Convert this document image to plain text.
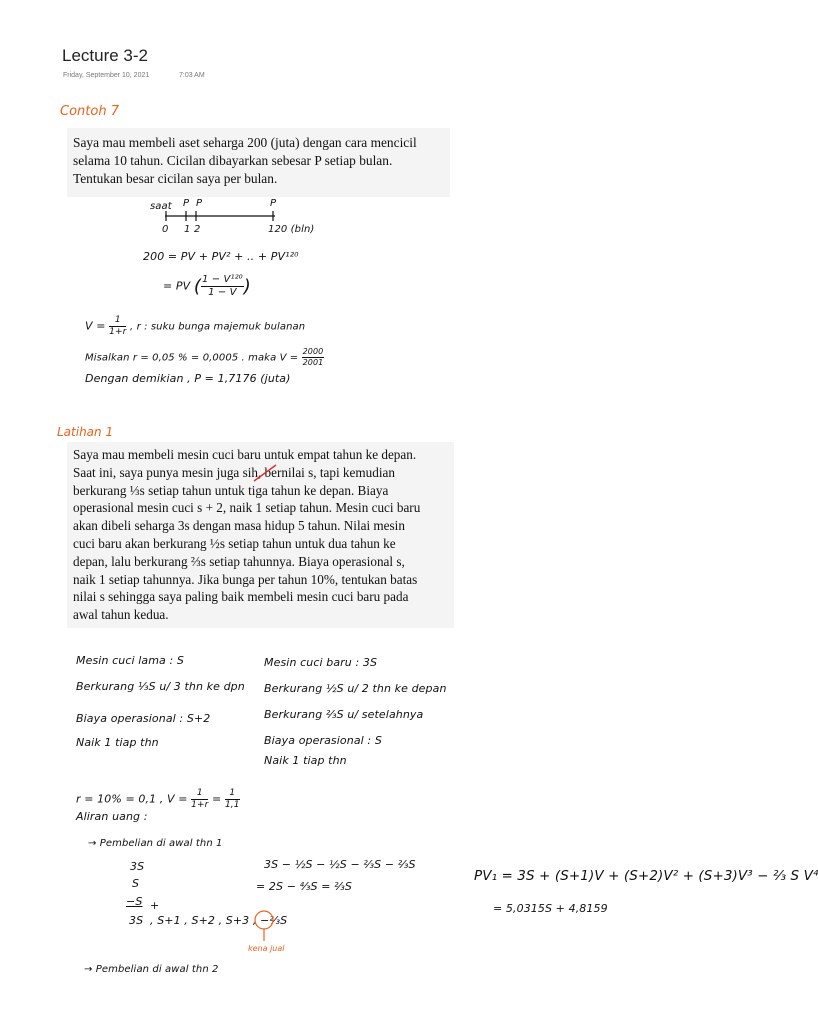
Lecture 3-2
Friday, September 10, 2021	7:03 AM
Contoh 7

Saya mau membeli aset seharga 200 (juta) dengan cara mencicil

selama 10 tahun. Cicilan dibayarkan sebesar P setiap bulan.

Tentukan besar cicilan saya per bulan.

saat P P	P
0 1 2	120 (bln)
200 = PV + PV² + .. + PV¹²⁰
= PV ( $\frac{\text{1 − V¹²⁰}}{1 - V}$ )
$V = \frac{1}{1+r}$ , r : suku bunga majemuk bulanan
Misalkan r = 0,05 % = 0,0005 . maka $V = \frac{2000}{2001}$
Dengan demikian , P = 1,7176 (juta)
Latihan 1

Saya mau membeli mesin cuci baru untuk empat tahun ke depan.

Saat ini, saya punya mesin juga sih, bernilai s, tapi kemudian

berkurang ⅓s setiap tahun untuk tiga tahun ke depan. Biaya

operasional mesin cuci s + 2, naik 1 setiap tahun. Mesin cuci baru

akan dibeli seharga 3s dengan masa hidup 5 tahun. Nilai mesin

cuci baru akan berkurang ½s setiap tahun untuk dua tahun ke

depan, lalu berkurang ⅔s setiap tahunnya. Biaya operasional s,

naik 1 setiap tahunnya. Jika bunga per tahun 10%, tentukan batas

nilai s sehingga saya paling baik membeli mesin cuci baru pada

awal tahun kedua.

Mesin cuci lama : S
Berkurang ⅓S u/ 3 thn ke dpn
Biaya operasional : S+2
Naik 1 tiap thn
Mesin cuci baru : 3S
Berkurang ½S u/ 2 thn ke depan
Berkurang ⅔S u/ setelahnya
Biaya operasional : S
Naik 1 tiap thn
r = 10% = 0,1 , $V = \frac{1}{1+r} = \frac{1}{1,1}$
Aliran uang :
→ Pembelian di awal thn 1
3S
S
−S +
3S , S+1 , S+2 , S+3 , −⅔S
kena jual
3S − ½S − ½S − ⅔S − ⅔S
= 2S − ⁴⁄₃S = ⅔S
PV₁ = 3S + (S+1)V + (S+2)V² + (S+3)V³ − ⅔ S V⁴
= 5,0315S + 4,8159
→ Pembelian di awal thn 2
